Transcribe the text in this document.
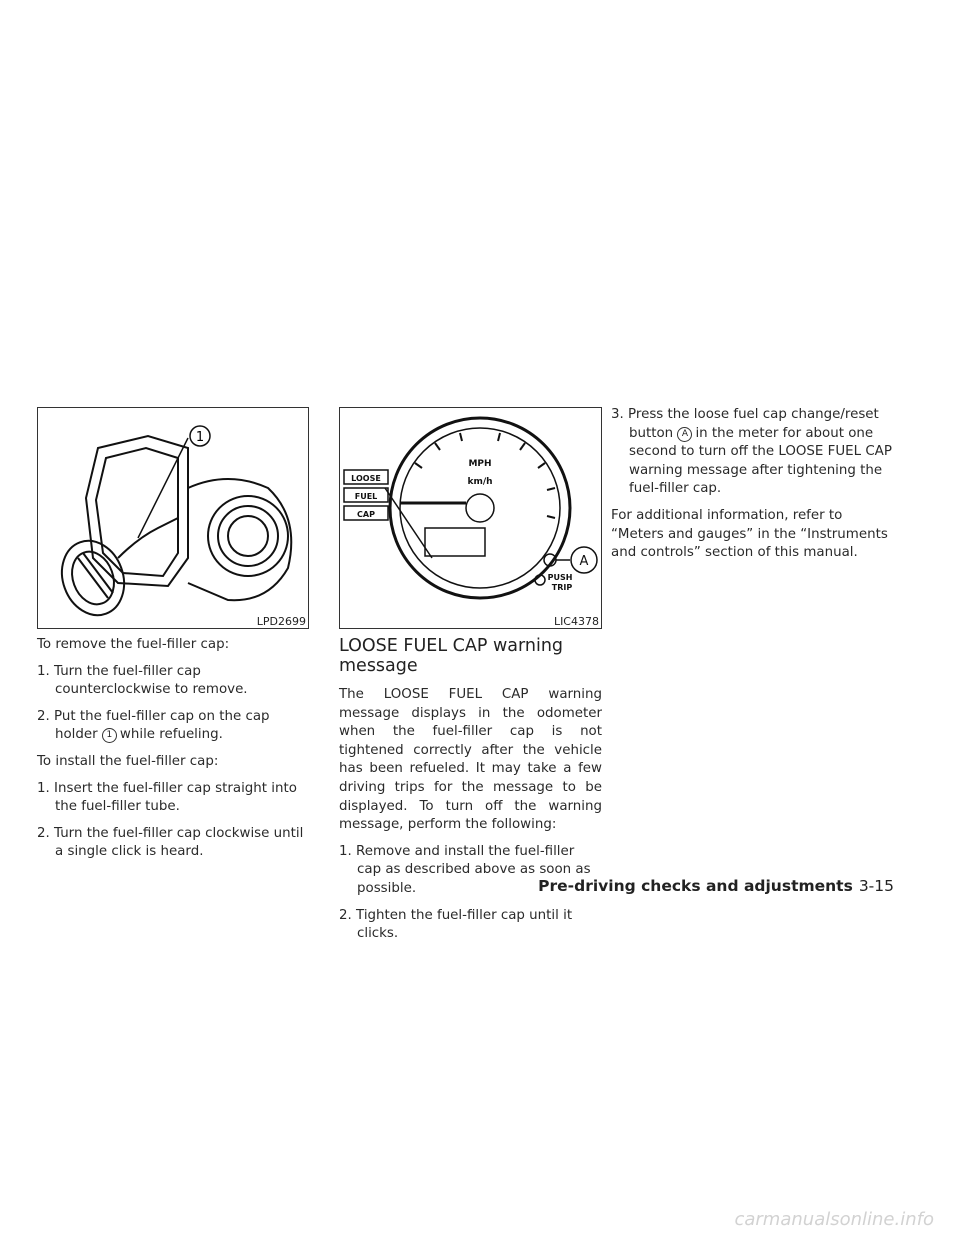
1
LPD2699
MPH
km/h
LOOSE
FUEL
CAP
A
PUSH
TRIP
LIC4378

To remove the fuel-filler cap:

1. Turn the fuel-filler cap counterclockwise to remove.
2. Put the fuel-filler cap on the cap holder 1 while refueling.

To install the fuel-filler cap:

1. Insert the fuel-filler cap straight into the fuel-filler tube.
2. Turn the fuel-filler cap clockwise until a single click is heard.
LOOSE FUEL CAP warning message

The LOOSE FUEL CAP warning message displays in the odometer when the fuel-filler cap is not tightened correctly after the vehicle has been refueled. It may take a few driving trips for the message to be displayed. To turn off the warning message, perform the following:

1. Remove and install the fuel-filler cap as described above as soon as possible.
2. Tighten the fuel-filler cap until it clicks.
3. Press the loose fuel cap change/reset button A in the meter for about one second to turn off the LOOSE FUEL CAP warning message after tightening the fuel-filler cap.

For additional information, refer to “Meters and gauges” in the “Instruments and controls” section of this manual.

Pre-driving checks and adjustments 3-15
carmanualsonline.info
